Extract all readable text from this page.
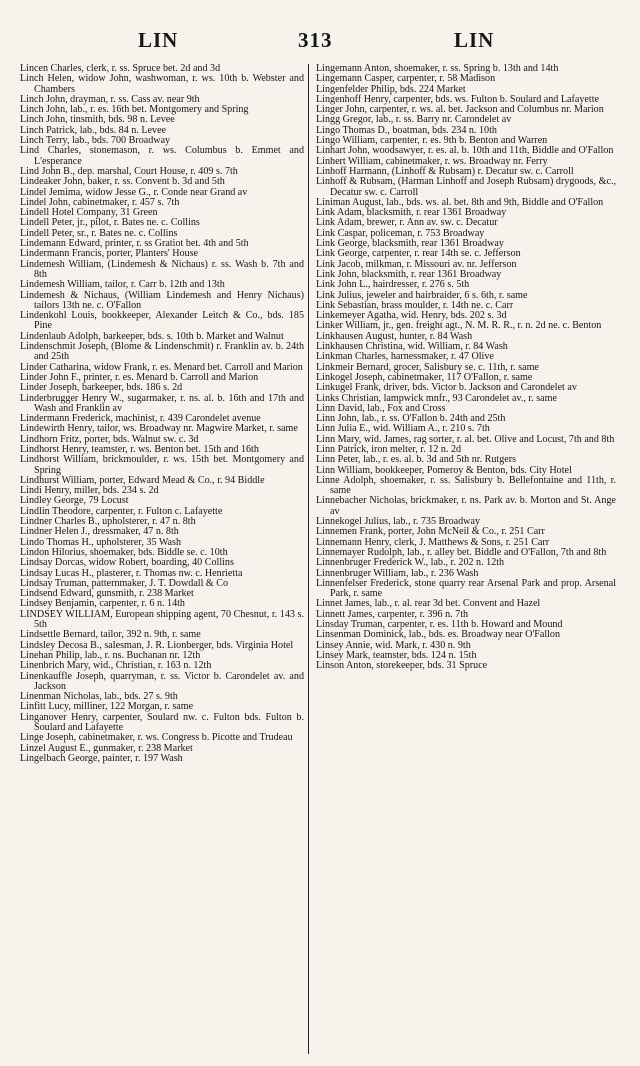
LIN	313	LIN

Lincen Charles, clerk, r. ss. Spruce bet. 2d and 3d

Linch Helen, widow John, washwoman, r. ws. 10th b. Webster and Chambers

Linch John, drayman, r. ss. Cass av. near 9th

Linch John, lab., r. es. 16th bet. Montgomery and Spring

Linch John, tinsmith, bds. 98 n. Levee

Linch Patrick, lab., bds. 84 n. Levee

Linch Terry, lab., bds. 700 Broadway

Lind Charles, stonemason, r. ws. Columbus b. Emmet and L'esperance

Lind John B., dep. marshal, Court House, r. 409 s. 7th

Lindeaker John, baker, r. ss. Convent b. 3d and 5th

Lindel Jemima, widow Jesse G., r. Conde near Grand av

Lindel John, cabinetmaker, r. 457 s. 7th

Lindell Hotel Company, 31 Green

Lindell Peter, jr., pilot, r. Bates ne. c. Collins

Lindell Peter, sr., r. Bates ne. c. Collins

Lindemann Edward, printer, r. ss Gratiot bet. 4th and 5th

Lindermann Francis, porter, Planters' House

Lindemesh William, (Lindemesh & Nichaus) r. ss. Wash b. 7th and 8th

Lindemesh William, tailor, r. Carr b. 12th and 13th

Lindemesh & Nichaus, (William Lindemesh and Henry Nichaus) tailors 13th ne. c. O'Fallon

Lindenkohl Louis, bookkeeper, Alexander Leitch & Co., bds. 185 Pine

Lindenlaub Adolph, barkeeper, bds. s. 10th b. Market and Walnut

Lindenschmit Joseph, (Blome & Lindenschmit) r. Franklin av. b. 24th and 25th

Linder Catharina, widow Frank, r. es. Menard bet. Carroll and Marion

Linder John F., printer, r. es. Menard b. Carroll and Marion

Linder Joseph, barkeeper, bds. 186 s. 2d

Linderbrugger Henry W., sugarmaker, r. ns. al. b. 16th and 17th and Wash and Franklin av

Lindermann Frederick, machinist, r. 439 Carondelet avenue

Lindewirth Henry, tailor, ws. Broadway nr. Magwire Market, r. same

Lindhorn Fritz, porter, bds. Walnut sw. c. 3d

Lindhorst Henry, teamster, r. ws. Benton bet. 15th and 16th

Lindhorst William, brickmoulder, r. ws. 15th bet. Montgomery and Spring

Lindhurst William, porter, Edward Mead & Co., r. 94 Biddle

Lindi Henry, miller, bds. 234 s. 2d

Lindley George, 79 Locust

Lindlin Theodore, carpenter, r. Fulton c. Lafayette

Lindner Charles B., upholsterer, r. 47 n. 8th

Lindner Helen J., dressmaker, 47 n. 8th

Lindo Thomas H., upholsterer, 35 Wash

Lindon Hilorius, shoemaker, bds. Biddle se. c. 10th

Lindsay Dorcas, widow Robert, boarding, 40 Collins

Lindsay Lucas H., plasterer, r. Thomas nw. c. Henrietta

Lindsay Truman, patternmaker, J. T. Dowdall & Co

Lindsend Edward, gunsmith, r. 238 Market

Lindsey Benjamin, carpenter, r. 6 n. 14th

LINDSEY WILLIAM, European shipping agent, 70 Chesnut, r. 143 s. 5th

Lindsettle Bernard, tailor, 392 n. 9th, r. same

Lindsley Decosa B., salesman, J. R. Lionberger, bds. Virginia Hotel

Linehan Philip, lab., r. ns. Buchanan nr. 12th

Linenbrich Mary, wid., Christian, r. 163 n. 12th

Linenkauffle Joseph, quarryman, r. ss. Victor b. Carondelet av. and Jackson

Linenman Nicholas, lab., bds. 27 s. 9th

Linfitt Lucy, milliner, 122 Morgan, r. same

Linganover Henry, carpenter, Soulard nw. c. Fulton bds. Fulton b. Soulard and Lafayette

Linge Joseph, cabinetmaker, r. ws. Congress b. Picotte and Trudeau

Linzel August E., gunmaker, r. 238 Market

Lingelbach George, painter, r. 197 Wash

Lingemann Anton, shoemaker, r. ss. Spring b. 13th and 14th

Lingemann Casper, carpenter, r. 58 Madison

Lingenfelder Philip, bds. 224 Market

Lingenhoff Henry, carpenter, bds. ws. Fulton b. Soulard and Lafayette

Linger John, carpenter, r. ws. al. bet. Jackson and Columbus nr. Marion

Lingg Gregor, lab., r. ss. Barry nr. Carondelet av

Lingo Thomas D., boatman, bds. 234 n. 10th

Lingo William, carpenter, r. es. 9th b. Benton and Warren

Linhart John, woodsawyer, r. es. al. b. 10th and 11th, Biddle and O'Fallon

Linhert William, cabinetmaker, r. ws. Broadway nr. Ferry

Linhoff Harmann, (Linhoff & Rubsam) r. Decatur sw. c. Carroll

Linhoff & Rubsam, (Harman Linhoff and Joseph Rubsam) drygoods, &c., Decatur sw. c. Carroll

Liniman August, lab., bds. ws. al. bet. 8th and 9th, Biddle and O'Fallon

Link Adam, blacksmith, r. rear 1361 Broadway

Link Adam, brewer, r. Ann av. sw. c. Decatur

Link Caspar, policeman, r. 753 Broadway

Link George, blacksmith, rear 1361 Broadway

Link George, carpenter, r. rear 14th se. c. Jefferson

Link Jacob, milkman, r. Missouri av. nr. Jefferson

Link John, blacksmith, r. rear 1361 Broadway

Link John L., hairdresser, r. 276 s. 5th

Link Julius, jeweler and hairbraider, 6 s. 6th, r. same

Link Sebastian, brass moulder, r. 14th ne. c. Carr

Linkemeyer Agatha, wid. Henry, bds. 202 s. 3d

Linker William, jr., gen. freight agt., N. M. R. R., r. n. 2d ne. c. Benton

Linkhausen August, hunter, r. 84 Wash

Linkhausen Christina, wid. William, r. 84 Wash

Linkman Charles, harnessmaker, r. 47 Olive

Linkmeir Bernard, grocer, Salisbury se. c. 11th, r. same

Linkogel Joseph, cabinetmaker, 117 O'Fallon, r. same

Linkugel Frank, driver, bds. Victor b. Jackson and Carondelet av

Links Christian, lampwick mnfr., 93 Carondelet av., r. same

Linn David, lab., Fox and Cross

Linn John, lab., r. ss. O'Fallon b. 24th and 25th

Linn Julia E., wid. William A., r. 210 s. 7th

Linn Mary, wid. James, rag sorter, r. al. bet. Olive and Locust, 7th and 8th

Linn Patrick, iron melter, r. 12 n. 2d

Linn Peter, lab., r. es. al. b. 3d and 5th nr. Rutgers

Linn William, bookkeeper, Pomeroy & Benton, bds. City Hotel

Linne Adolph, shoemaker, r. ss. Salisbury b. Bellefontaine and 11th, r. same

Linnebacher Nicholas, brickmaker, r. ns. Park av. b. Morton and St. Ange av

Linnekogel Julius, lab., r. 735 Broadway

Linnemen Frank, porter, John McNeil & Co., r. 251 Carr

Linnemann Henry, clerk, J. Matthews & Sons, r. 251 Carr

Linnemayer Rudolph, lab., r. alley bet. Biddle and O'Fallon, 7th and 8th

Linnenbruger Frederick W., lab., r. 202 n. 12th

Linnenbruger William, lab., r. 236 Wash

Linnenfelser Frederick, stone quarry rear Arsenal Park and prop. Arsenal Park, r. same

Linnet James, lab., r. al. rear 3d bet. Convent and Hazel

Linnett James, carpenter, r. 396 n. 7th

Linsday Truman, carpenter, r. es. 11th b. Howard and Mound

Linsenman Dominick, lab., bds. es. Broadway near O'Fallon

Linsey Annie, wid. Mark, r. 430 n. 9th

Linsey Mark, teamster, bds. 124 n. 15th

Linson Anton, storekeeper, bds. 31 Spruce
